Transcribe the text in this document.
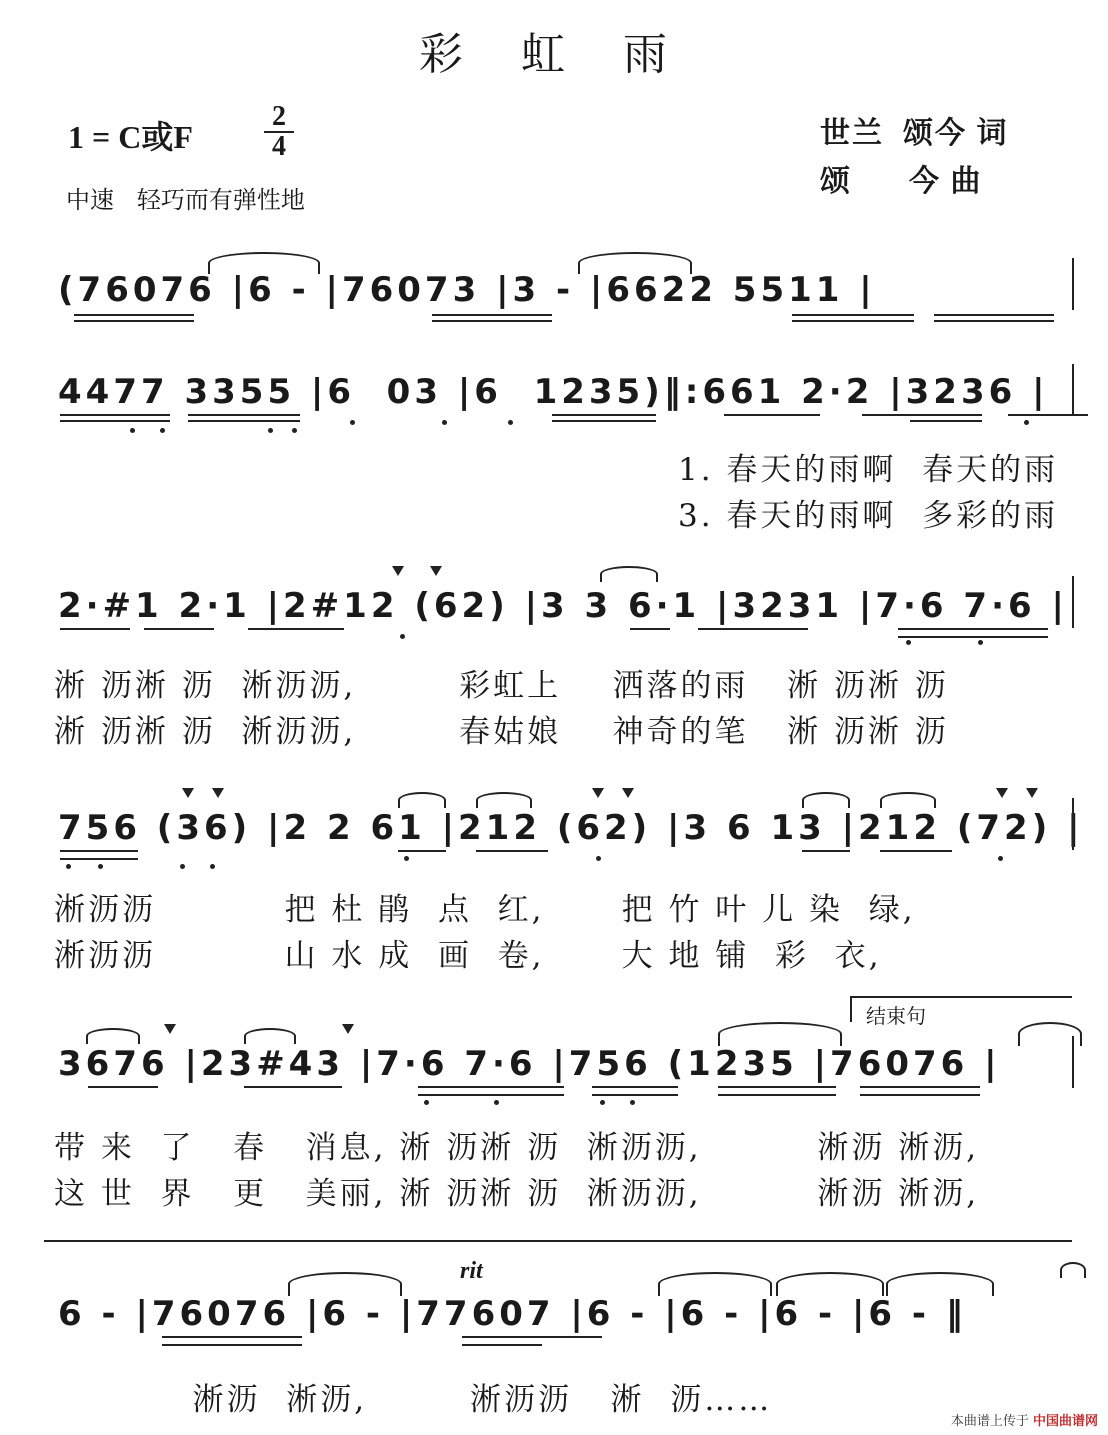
彩 虹 雨
1 = C或F
2
4
中速   轻巧而有弹性地
世兰  颂今 词
颂      今 曲
(76076 |6 - |76073 |3 - |6622 5511 |
4477 3355 |6  03 |6  1235)‖:661 2·2 |3236 |
1. 春天的雨啊  春天的雨
3. 春天的雨啊  多彩的雨
2·#1 2·1 |2#12 (62) |3 3 6·1 |3231 |7·6 7·6 |
淅 沥淅 沥  淅沥沥,        彩虹上    洒落的雨   淅 沥淅 沥
淅 沥淅 沥  淅沥沥,        春姑娘    神奇的笔   淅 沥淅 沥
756 (36) |2 2 61 |212 (62) |3 6 13 |212 (72) |
淅沥沥          把 杜 鹃  点  红,      把 竹 叶 儿 染  绿,
淅沥沥          山 水 成  画  卷,      大 地 铺  彩  衣,
结束句
3676 |23#43 |7·6 7·6 |756 (1235 |76076 |
带 来  了   春   消息, 淅 沥淅 沥  淅沥沥,         淅沥 淅沥,
这 世  界   更   美丽, 淅 沥淅 沥  淅沥沥,         淅沥 淅沥,
rit
6 - |76076 |6 - |77607 |6 - |6 - |6 - |6 - ‖
淅沥  淅沥,        淅沥沥   淅  沥……
本曲谱上传于 中国曲谱网
